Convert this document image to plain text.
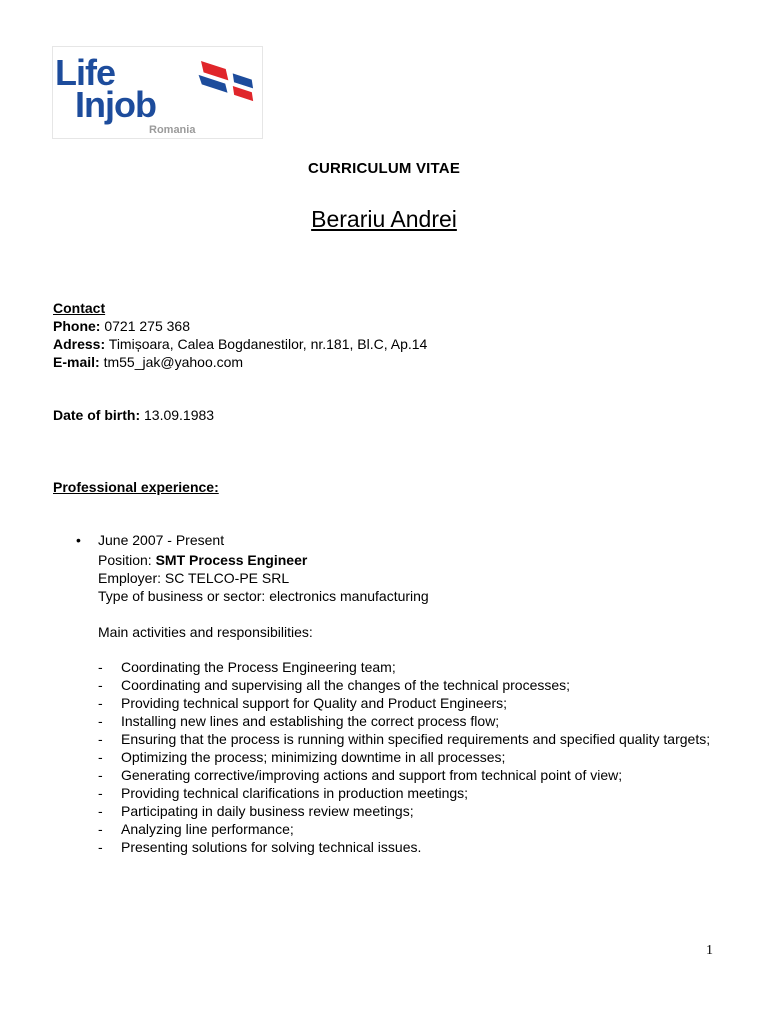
Life
Injob
Romania
CURRICULUM VITAE
Berariu Andrei
Contact
Phone: 0721 275 368
Adress: Timișoara, Calea Bogdanestilor, nr.181, Bl.C, Ap.14
E-mail: tm55_jak@yahoo.com
Date of birth: 13.09.1983
Professional experience:
•	June 2007 - Present
Position: SMT Process Engineer
Employer: SC TELCO-PE SRL
Type of business or sector: electronics manufacturing
Main activities and responsibilities:
- Coordinating the Process Engineering team;
- Coordinating and supervising all the changes of the technical processes;
- Providing technical support for Quality and Product Engineers;
- Installing new lines and establishing the correct process flow;
- Ensuring that the process is running within specified requirements and specified quality targets;
- Optimizing the process; minimizing downtime in all processes;
- Generating corrective/improving actions and support from technical point of view;
- Providing technical clarifications in production meetings;
- Participating in daily business review meetings;
- Analyzing line performance;
- Presenting solutions for solving technical issues.
1
